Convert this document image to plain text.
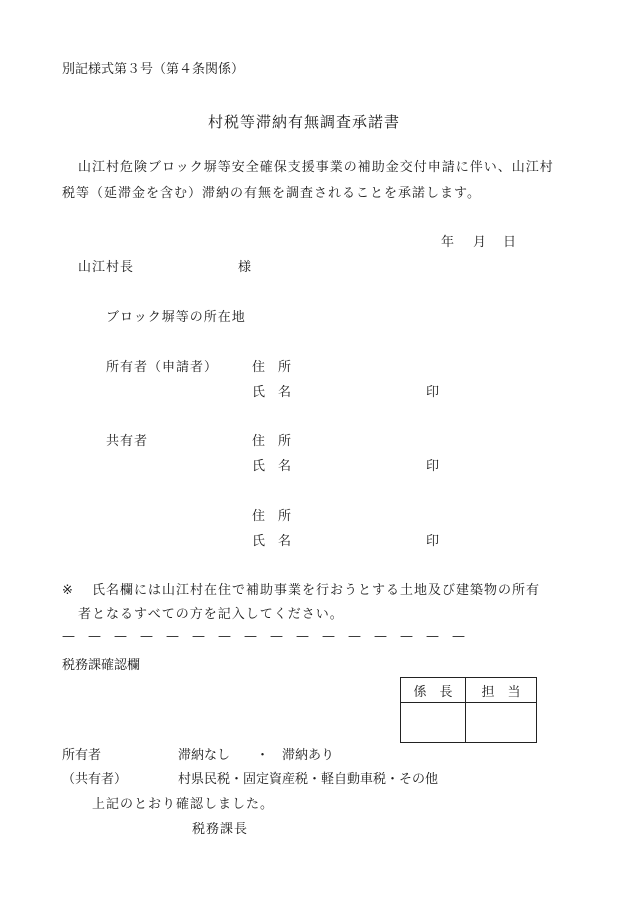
別記様式第３号（第４条関係）
村税等滞納有無調査承諾書
山江村危険ブロック塀等安全確保支援事業の補助金交付申請に伴い、山江村
税等（延滞金を含む）滞納の有無を調査されることを承諾します。
年 月 日
山江村長	様
ブロック塀等の所在地
所有者（申請者）	住　所
氏　名	印
共有者	住　所
氏　名	印
住　所
氏　名	印
※ 氏名欄には山江村在住で補助事業を行おうとする土地及び建築物の所有
者となるすべての方を記入してください。
—　—　—　—　—　—　—　—　—　—　—　—　—　—　—　—
税務課確認欄
係　長	担　当

所有者	滞納なし ・ 滞納あり
（共有者）	村県民税・固定資産税・軽自動車税・その他
上記のとおり確認しました。
税務課長
